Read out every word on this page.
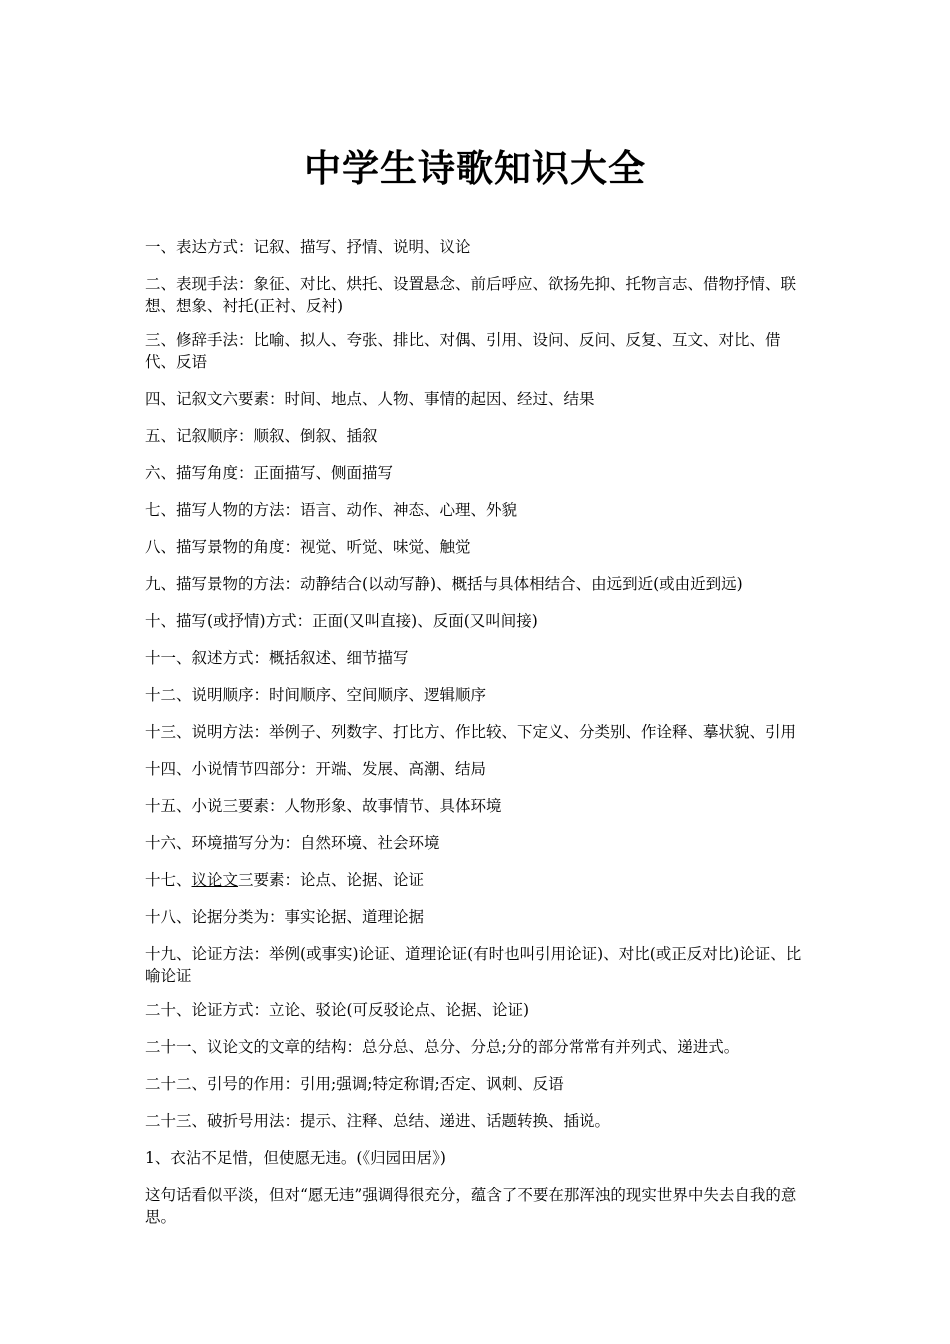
中学生诗歌知识大全

一、表达方式：记叙、描写、抒情、说明、议论

二、表现手法：象征、对比、烘托、设置悬念、前后呼应、欲扬先抑、托物言志、借物抒情、联想、想象、衬托(正衬、反衬)

三、修辞手法：比喻、拟人、夸张、排比、对偶、引用、设问、反问、反复、互文、对比、借代、反语

四、记叙文六要素：时间、地点、人物、事情的起因、经过、结果

五、记叙顺序：顺叙、倒叙、插叙

六、描写角度：正面描写、侧面描写

七、描写人物的方法：语言、动作、神态、心理、外貌

八、描写景物的角度：视觉、听觉、味觉、触觉

九、描写景物的方法：动静结合(以动写静)、概括与具体相结合、由远到近(或由近到远)

十、描写(或抒情)方式：正面(又叫直接)、反面(又叫间接)

十一、叙述方式：概括叙述、细节描写

十二、说明顺序：时间顺序、空间顺序、逻辑顺序

十三、说明方法：举例子、列数字、打比方、作比较、下定义、分类别、作诠释、摹状貌、引用

十四、小说情节四部分：开端、发展、高潮、结局

十五、小说三要素：人物形象、故事情节、具体环境

十六、环境描写分为：自然环境、社会环境

十七、议论文三要素：论点、论据、论证

十八、论据分类为：事实论据、道理论据

十九、论证方法：举例(或事实)论证、道理论证(有时也叫引用论证)、对比(或正反对比)论证、比喻论证

二十、论证方式：立论、驳论(可反驳论点、论据、论证)

二十一、议论文的文章的结构：总分总、总分、分总;分的部分常常有并列式、递进式。

二十二、引号的作用：引用;强调;特定称谓;否定、讽刺、反语

二十三、破折号用法：提示、注释、总结、递进、话题转换、插说。

1、衣沾不足惜，但使愿无违。(《归园田居》)

这句话看似平淡，但对“愿无违”强调得很充分，蕴含了不要在那浑浊的现实世界中失去自我的意思。
